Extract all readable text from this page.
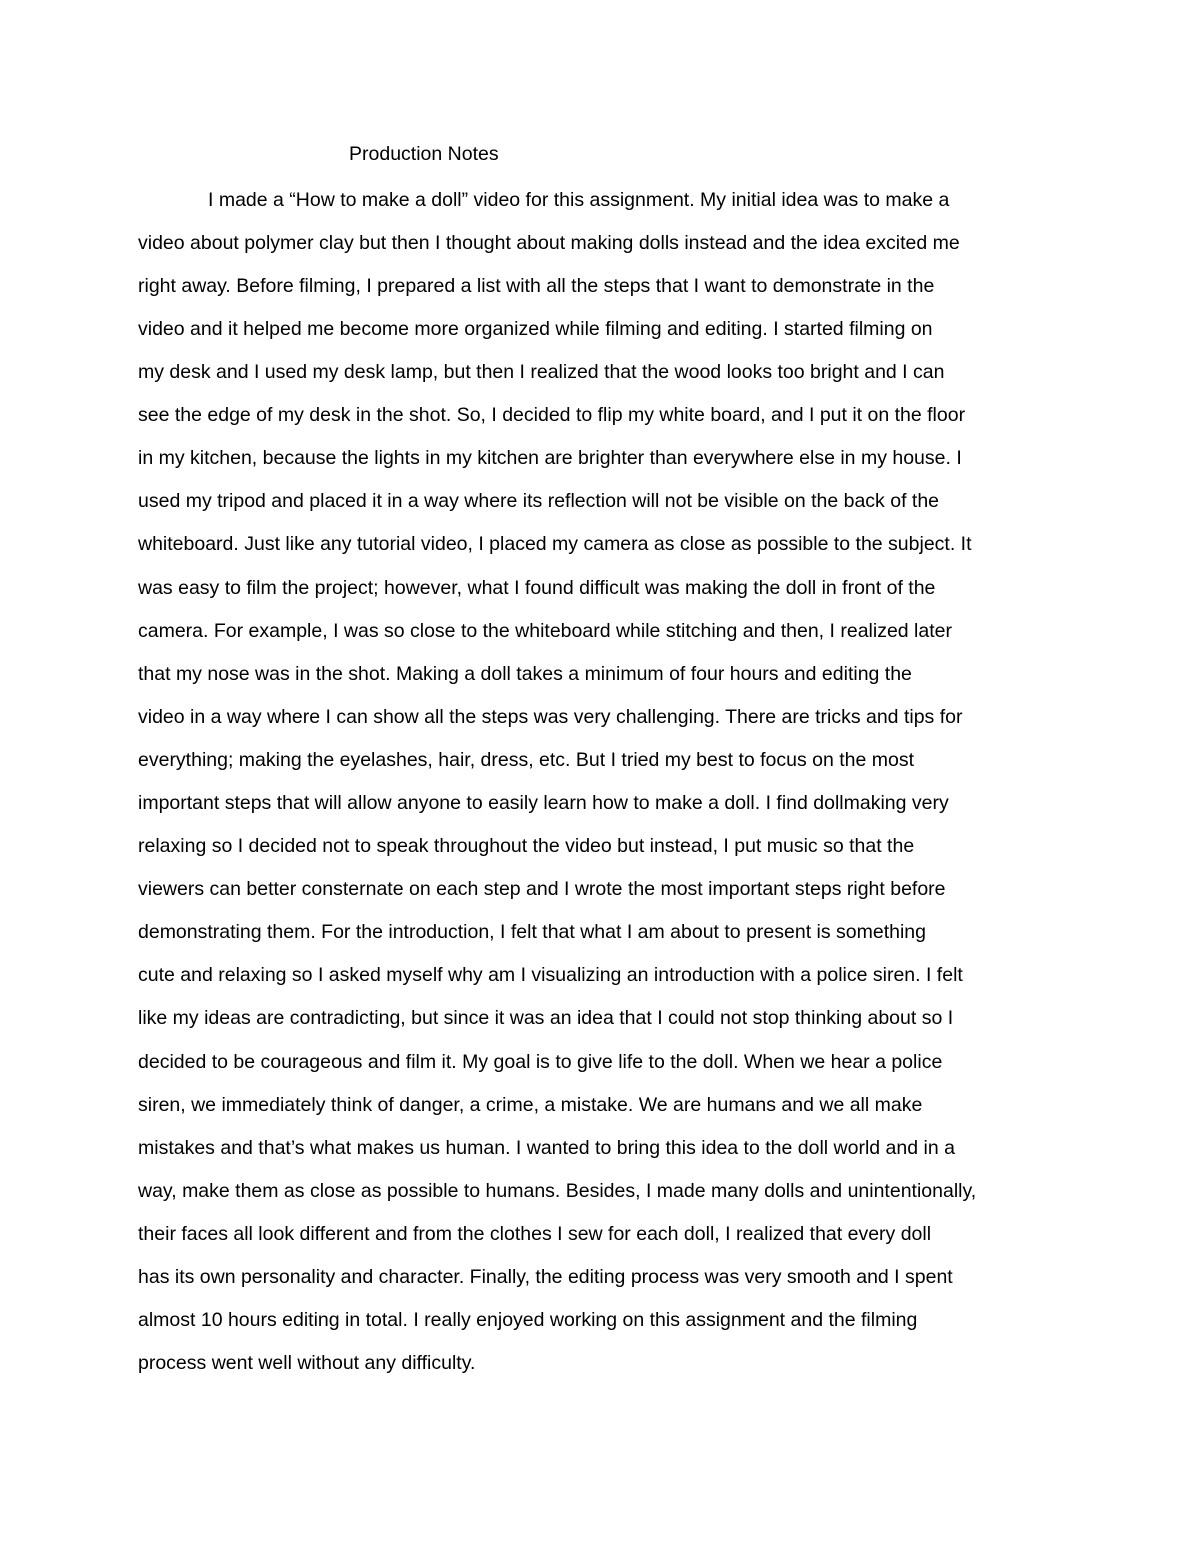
Production Notes
I made a “How to make a doll” video for this assignment. My initial idea was to make a
video about polymer clay but then I thought about making dolls instead and the idea excited me
right away. Before filming, I prepared a list with all the steps that I want to demonstrate in the
video and it helped me become more organized while filming and editing. I started filming on
my desk and I used my desk lamp, but then I realized that the wood looks too bright and I can
see the edge of my desk in the shot. So, I decided to flip my white board, and I put it on the floor
in my kitchen, because the lights in my kitchen are brighter than everywhere else in my house. I
used my tripod and placed it in a way where its reflection will not be visible on the back of the
whiteboard. Just like any tutorial video, I placed my camera as close as possible to the subject. It
was easy to film the project; however, what I found difficult was making the doll in front of the
camera. For example, I was so close to the whiteboard while stitching and then, I realized later
that my nose was in the shot. Making a doll takes a minimum of four hours and editing the
video in a way where I can show all the steps was very challenging. There are tricks and tips for
everything; making the eyelashes, hair, dress, etc. But I tried my best to focus on the most
important steps that will allow anyone to easily learn how to make a doll. I find dollmaking very
relaxing so I decided not to speak throughout the video but instead, I put music so that the
viewers can better consternate on each step and I wrote the most important steps right before
demonstrating them. For the introduction, I felt that what I am about to present is something
cute and relaxing so I asked myself why am I visualizing an introduction with a police siren. I felt
like my ideas are contradicting, but since it was an idea that I could not stop thinking about so I
decided to be courageous and film it. My goal is to give life to the doll. When we hear a police
siren, we immediately think of danger, a crime, a mistake. We are humans and we all make
mistakes and that’s what makes us human. I wanted to bring this idea to the doll world and in a
way, make them as close as possible to humans. Besides, I made many dolls and unintentionally,
their faces all look different and from the clothes I sew for each doll, I realized that every doll
has its own personality and character. Finally, the editing process was very smooth and I spent
almost 10 hours editing in total. I really enjoyed working on this assignment and the filming
process went well without any difficulty.
